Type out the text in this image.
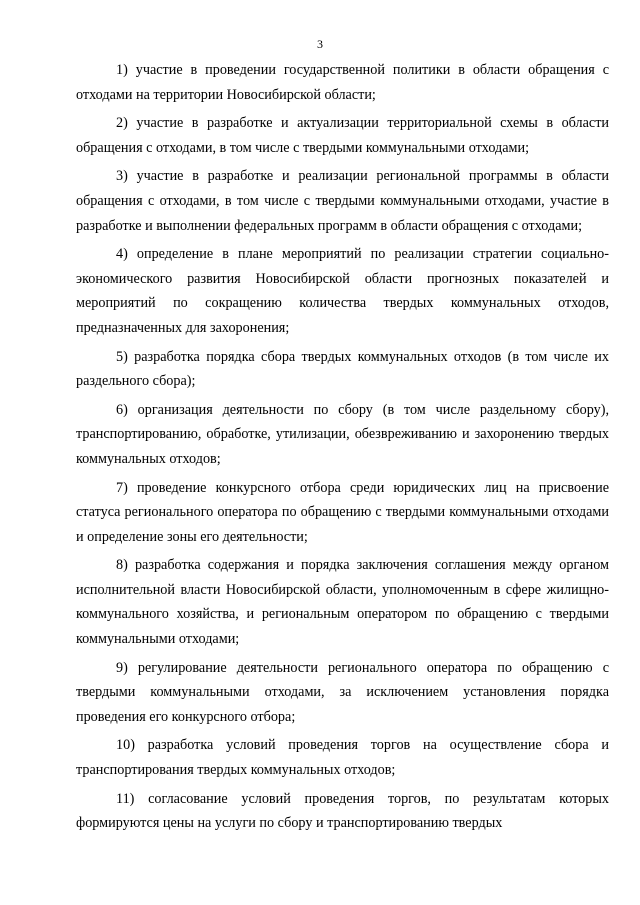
3

1) участие в проведении государственной политики в области обращения с отходами на территории Новосибирской области;

2) участие в разработке и актуализации территориальной схемы в области обращения с отходами, в том числе с твердыми коммунальными отходами;

3) участие в разработке и реализации региональной программы в области обращения с отходами, в том числе с твердыми коммунальными отходами, участие в разработке и выполнении федеральных программ в области обращения с отходами;

4) определение в плане мероприятий по реализации стратегии социально-экономического развития Новосибирской области прогнозных показателей и мероприятий по сокращению количества твердых коммунальных отходов, предназначенных для захоронения;

5) разработка порядка сбора твердых коммунальных отходов (в том числе их раздельного сбора);

6) организация деятельности по сбору (в том числе раздельному сбору), транспортированию, обработке, утилизации, обезвреживанию и захоронению твердых коммунальных отходов;

7) проведение конкурсного отбора среди юридических лиц на присвоение статуса регионального оператора по обращению с твердыми коммунальными отходами и определение зоны его деятельности;

8) разработка содержания и порядка заключения соглашения между органом исполнительной власти Новосибирской области, уполномоченным в сфере жилищно-коммунального хозяйства, и региональным оператором по обращению с твердыми коммунальными отходами;

9) регулирование деятельности регионального оператора по обращению с твердыми коммунальными отходами, за исключением установления порядка проведения его конкурсного отбора;

10) разработка условий проведения торгов на осуществление сбора и транспортирования твердых коммунальных отходов;

11) согласование условий проведения торгов, по результатам которых формируются цены на услуги по сбору и транспортированию твердых
